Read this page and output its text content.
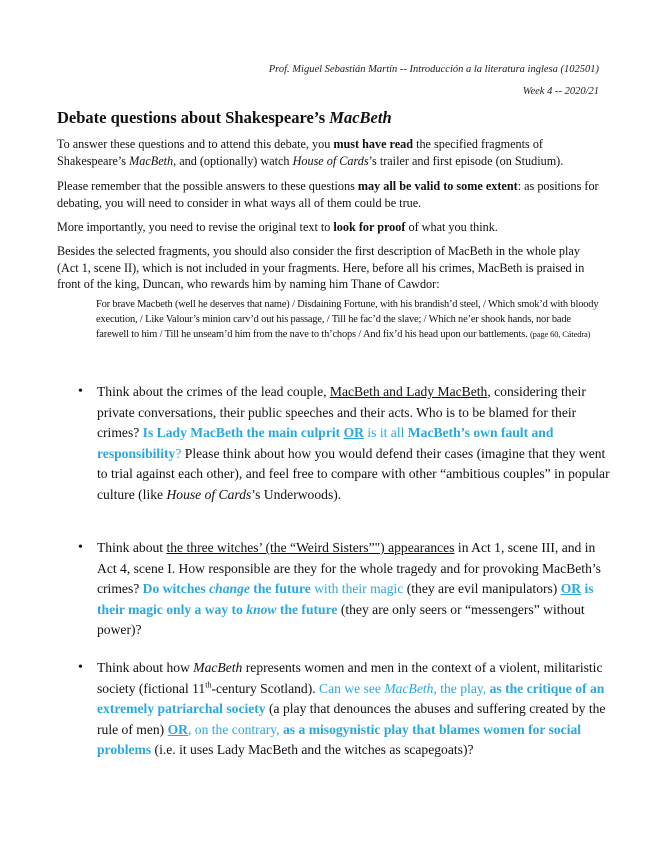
Prof. Miguel Sebastián Martín -- Introducción a la literatura inglesa (102501)
Week 4 -- 2020/21
Debate questions about Shakespeare’s MacBeth
To answer these questions and to attend this debate, you must have read the specified fragments of Shakespeare’s MacBeth, and (optionally) watch House of Cards’s trailer and first episode (on Studium).
Please remember that the possible answers to these questions may all be valid to some extent: as positions for debating, you will need to consider in what ways all of them could be true.
More importantly, you need to revise the original text to look for proof of what you think.
Besides the selected fragments, you should also consider the first description of MacBeth in the whole play (Act 1, scene II), which is not included in your fragments. Here, before all his crimes, MacBeth is praised in front of the king, Duncan, who rewards him by naming him Thane of Cawdor:
For brave Macbeth (well he deserves that name) / Disdaining Fortune, with his brandish’d steel, / Which smok’d with bloody execution, / Like Valour’s minion carv’d out his passage, / Till he fac’d the slave; / Which ne’er shook hands, nor bade farewell to him / Till he unseam’d him from the nave to th’chops / And fix’d his head upon our battlements. (page 60, Cátedra)
• Think about the crimes of the lead couple, MacBeth and Lady MacBeth, considering their private conversations, their public speeches and their acts. Who is to be blamed for their crimes? Is Lady MacBeth the main culprit OR is it all MacBeth’s own fault and responsibility? Please think about how you would defend their cases (imagine that they went to trial against each other), and feel free to compare with other “ambitious couples” in popular culture (like House of Cards’s Underwoods).
• Think about the three witches’ (the “Weird Sisters”") appearances in Act 1, scene III, and in Act 4, scene I. How responsible are they for the whole tragedy and for provoking MacBeth’s crimes? Do witches change the future with their magic (they are evil manipulators) OR is their magic only a way to know the future (they are only seers or “messengers” without power)?
• Think about how MacBeth represents women and men in the context of a violent, militaristic society (fictional 11th-century Scotland). Can we see MacBeth, the play, as the critique of an extremely patriarchal society (a play that denounces the abuses and suffering created by the rule of men) OR, on the contrary, as a misogynistic play that blames women for social problems (i.e. it uses Lady MacBeth and the witches as scapegoats)?
